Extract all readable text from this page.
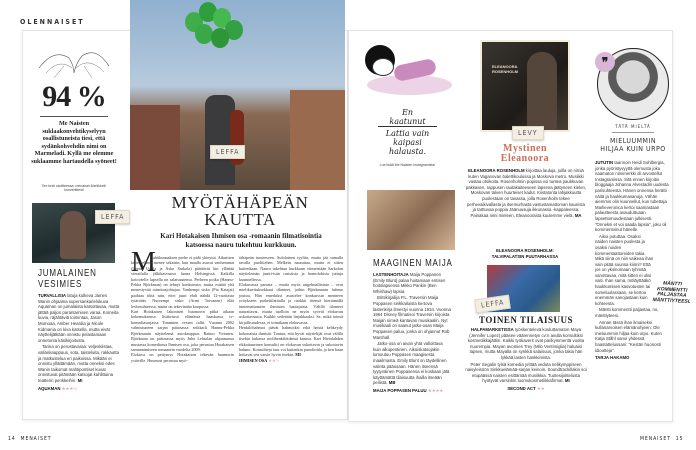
OLENNAISET
94 %
Me Naisten suklaakonvehtikyselyyn osallistuneista tiesi, että sydänkohvehdin nimi on Marmeladi. Kyllä me olemme suklaamme hartaudella syöneet!
Tee testi osoitteessa: menaiset.fi/artikkeli/ konvehtitesti
LEFFA
JUMALAINEN VESIMIES

TURVALLISIA latuja kulkeva James Wanin ohjaama supersankarielokuva Aquaman on jumalaista katsottavaa, mutta jättää paljon parantamisen varaa. Komeita kuvia, räjähtäviä toimintaa, Jason Momoaa, Amber Heardia ja Nicole Kidmania on kiva katsella, mutta eivät näyttelijätkään onnistu pelastamaan onnetonta käsikirjoitusta.

Tarina on perustavaraa: veljeskiistaa, vallankaappaus, sota, taisteluita, rakkautta ja matkustelua eri paikoissa. Mikään ei onnistu yllättämään, mutta onneksi edes Wanin taikomat mahtipontiset kuvat onnistuvat pitämään katsojat kahlittuina teatterin penkkeihin. MI

AQUAMAN ★★★½

LEFFA
MYÖTÄHÄPEÄN KAUTTA
Kari Hotakaisen Ihmisen osa -romaanin filmatisointia katsoessa nauru tukehtuu kurkkuun.
M
ahtikunnaksen perhe ei pidä yhteyttä. Aikuisten lasten elämä menee sekaisin, kun maalla asuvat vanhemmat (Leena Uotila ja Asko Sarkola) päättävät kin yllättää vierailulla jälkikasvunsa luona Helsingissä. Kaikilla kotoväelle lapsella on salaisuutensa. Perheen poika (Hannu-Pekka Björkman) on tehnyt konkurssin, mutta esittää yhä menestyvää toimitusjohtajaa. Vanhempi sisko (Pia Katajai) paahtaa töitä niin, ettei juuri ehdi nähdä 12-vuotiasta tytärtään. Nuorempi sisko (Armi Toivanen) elää lesbosuhteessa, mutta on tekevinään kuopussa.
Kari Hotakaisen lakonisen huumorin pitkä aikaan kokemuksensa lisäävässä elämässä haaskassa tv-komediasarjassa Tummien vesien rallit. Vuonna 2002 valmistuneen sarjan pääosassa seikkaili Hannu-Pekka Björkmanin näyttelemä autokauppias Raimo Virtanen. Björkman on pääosassa myös Juha Lehtolan ohjaamassa mustassa komediassa Ihmisen osa, joka perustuu Hotakaisen samannimiseen romaaniin vuodelta 2009.
Elokuva on pettymys Hotakaisen tekevän huumorin ystäville. Huumori perustuu myö-
tähäpeän tunteeseen. Sulolainen tyyliin, mutta jää samalla tavalla puolitiehen. Melkein naurattaa, mutta ei sitten kuitenkaan. Nauru tukehtuu kurkkuun viimeistään Sarkolan näyttelemän juntti-isän rasistisia ja homofobisia juttuja kuunnellessa.
Elokuvassa parasta – mutta myös ongelmallisinta – ovat mielikuvituksekkaat tilanteet, joihin Björkmanin hahmo joutuu. Hän emerkiksi asustelee konkurssin menneen yritykseen parkettilattialla ja ruokkii itsensä kiertämällä tuntemattomien ihmisten hautajaisia. Välillä tilanteet naurattavat, mutta tuolloin ne myös syövät elokuvan uskottavuutta. Kaikki vedetään linjakkaaksi. Se, mikä toimii kirjallisuudessa, ei toimikaan elokuvassa.
Henkilöhahmot jäävät hahmoiksi eikä heistä kehkeydy kokonaisia ihmisiä. Tuntuu, että hyvät näyttelijät ovat välillä itsekin hukassa roolihenkilöidensä kanssa. Kari Hietalahden rikkaituurinen konsultti on elokuvan uskottavin ja uskottavin hahmo. Konsultteja taas voi kuitenkin parodioida, ja ken kaan hoitavat sen varsin hyvin itsekin. MI
IHMISEN OSA ★★½
14 MENAISET
En
kaatunut
Lattia vain
kaipasi
halausta.
Lue lisää Me Naisten Instagramista!
MAAGINEN MAIJA

LASTENHOITAJA Maija Poppanen (Emily Blunt) palaa hoitamaan entisen hoitolapsensa Mikko Pankin (Ben Whishaw) lapsia.

Brittikirjailija P.L. Traversin Maija Poppasen seikkailuista kertova lastenkirja ilmestyi vuonna 1934. Vuonna 1964 Disney filmatisoi Traversin kirjoista Maijan nimeä kantavan musikaalin. Nyt musikaali on saanut jatko-osan Maija Poppasen paluu, jonka on ohjannut Rob Marshall.

Jatko-osa on aivan yhtä valloittava kuin alkuperäinen. Aikuiskatsojakin lumoutuu Poppasen maagisesta maailmasta. Emily Blunt on täydellinen valinta pääosaan. Hänen itseensä tyytyväinen Poppasensa ei koskaan jätä käyttämättä tilaisuutta ihailla itseään peilistä. MB

MAIJA POPPASEN PALUU ★★★★

ELEANOORA ROSENHOLM
LEVY
Mystinen Eleanoora
ELEANOORA ROSENHOLM kirjoittaa lauluja, joilla on nimiä kuten Vaganovan balettikoulussa ja Moskova metro. Musiikki vastaa otsikoita. Rosenholmin popissa voi tuntea paukkuvan pakkasen, rappusen rautakaiteeseen lapsena jäätyneen kielen, Moskovan talven huurteiset kadut. Kiistatonta lahjakkuutta puolestaan on tavassa, jolla Rosenholm tekee perhevaikivallasta ja itsemurhasta vastustamattoman kaunista ja tarttuvaa poppia Jäänuusuja ikkunassa -kappaleessa. Painakaa nimi mieleen, Eleanoorasta kuulemme vielä. MA
ELEANOORA ROSENHOLM: TALVIPALATSIN PUUTARHASSA
LEFFA
TOINEN TILAISUUS

HALPAMARKETISSA työskentelevä kouluttamaton Maya (Jennifer Lopez) pääsee väärennetyn cv:n avulla konsultiksi kosmetiikkajättiin. Kaikki työkaverit ovat parikymmentä vuotta nuorempia. Mayan avomies Trey (Milo Ventimiglia) haluaisi lapsen, mutta Mayalla on synkkä salaisuus, jonka takia hän lykkää lasten hankkimista.

Peter Segalin tylsä komedia yrittää vedota nelikymppiseen naisyleisöön Sinkkuelämää-sarjan keinoin. Soundtrackillakin soi etupäässä naisten esittämää musiikkia. Tuotesijoittelusta hyötyvät varsinkin luomukosmetiikkafirmat. MI

SECOND ACT ★★

❞
TÄTÄ MIELTÄ
MIELUUMMIN HILJAA KUIN URPO

JUTUTIN taannoin Heidi Sohlbergia, jonka pyöristyvyyttä olemusta joku naamaton nimimerkki oli arvostellut Instagramissa. Sitä ennen kirjoitin bloggaaja Johanna Alvestadin uudesta parisuhteesta. Hänen onnensa herätti näitä ja haukkumasanoja. Vähän aiemmin olin kuunnellut, kun tubettaja Marlieveronica kertoi saamastaan palautteesta avauduttuaan lapsettomuudestaan julkisesti. "Onneksi et voi saada lapsia", joku oli kommentoinut hänelle.

Aikoi potuttaa. Osaksi näiden naisten puolesta ja osaksi noiden kommentaattoreiden takia. Mikä siinä on niin vaikeaa ihan vain pitää suunsa kiinni? Että jos on yksinomaan tyhmää sanottavaa, mitä sitten ei olisi vaiti. Ihan sama, möläyttääkö haukkumisen kasvotusten tai someluolassaan, se kertoo enemmän sanojastaan kuin kohteesta.

Mäntti kommentti paljastaa, no, mänttiyteesi.

Annan tässä ihan ilmaiseksi kullanarvoisen elämänohjeen: Ole mieluummin hiljaa kuin urpo. Kuten Katja Ståhl sanoi yhdessä haastattelussani: "Kestän huonosti idiootteja".

TARJA HAKAMO

MÄNTTI KOMMENTTI PALJASTAA MÄNTTIYTEESI.
MENAISET 15
